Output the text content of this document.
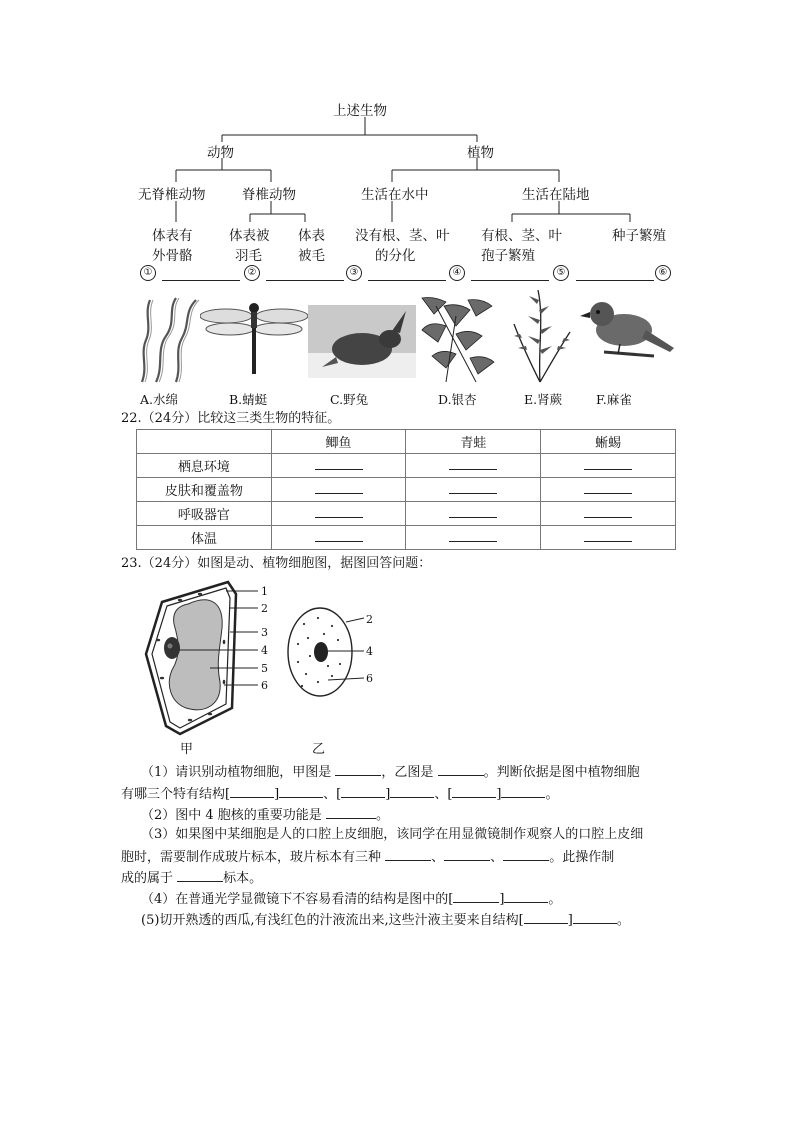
上述生物
动物	植物
无脊椎动物	脊椎动物	生活在水中	生活在陆地
体表有
外骨骼
体表被
羽毛
体表
被毛
没有根、茎、叶
的分化
有根、茎、叶
孢子繁殖
种子繁殖
①	②	③	④	⑤	⑥
A.水绵	B.蜻蜓	C.野兔	D.银杏	E.肾蕨	F.麻雀
22.（24分）比较这三类生物的特征。
	鲫鱼	青蛙	蜥蜴
栖息环境			
皮肤和覆盖物			
呼吸器官			
体温			
23.（24分）如图是动、植物细胞图，据图回答问题：
1
2
3
4
5
6
2
4
6
甲	乙
（1）请识别动植物细胞，甲图是	，乙图是	。判断依据是图中植物细胞
有哪三个特有结构[	]	、[	]	、[	]	。
（2）图中 4 胞核的重要功能是	。
（3）如果图中某细胞是人的口腔上皮细胞，该同学在用显微镜制作观察人的口腔上皮细
胞时，需要制作成玻片标本，玻片标本有三种	、	、	。此操作制
成的属于	标本。
（4）在普通光学显微镜下不容易看清的结构是图中的[	]	。
(5)切开熟透的西瓜,有浅红色的汁液流出来,这些汁液主要来自结构[	]	。
